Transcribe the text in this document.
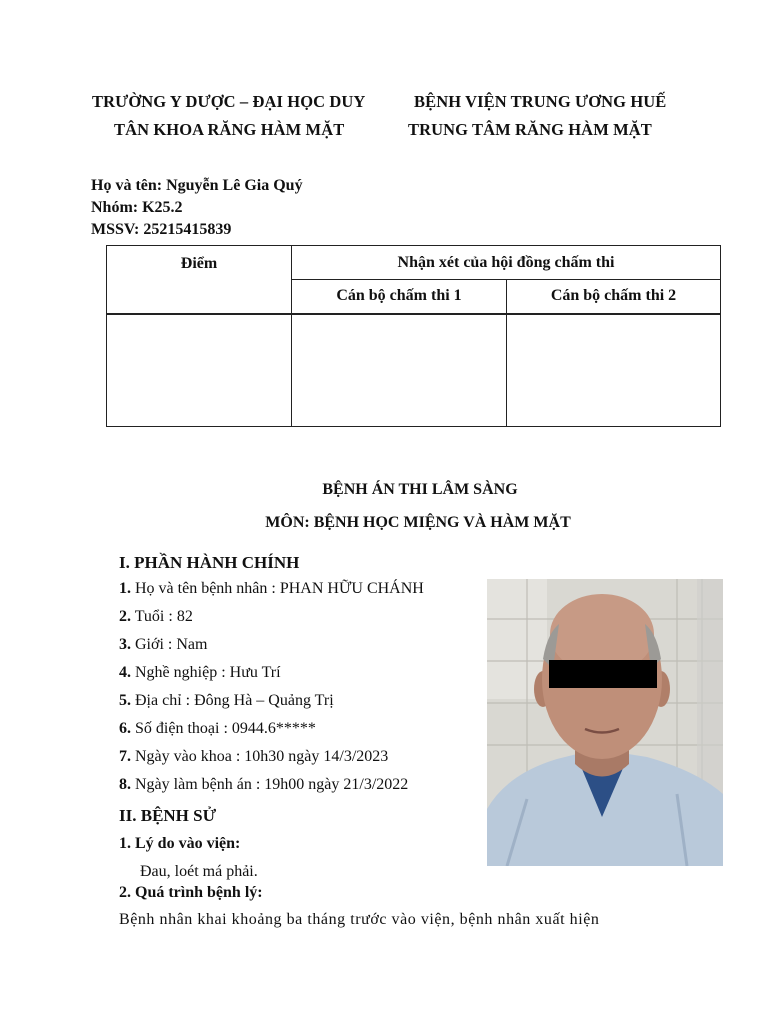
TRƯỜNG Y DƯỢC – ĐẠI HỌC DUY
TÂN KHOA RĂNG HÀM MẶT
BỆNH VIỆN TRUNG ƯƠNG HUẾ
TRUNG TÂM RĂNG HÀM MẶT
Họ và tên: Nguyễn Lê Gia Quý
Nhóm: K25.2
MSSV: 25215415839
Điểm	Nhận xét của hội đồng chấm thi	
	Cán bộ chấm thi 1	Cán bộ chấm thi 2

BỆNH ÁN THI LÂM SÀNG
MÔN: BỆNH HỌC MIỆNG VÀ HÀM MẶT
I. PHẦN HÀNH CHÍNH
1. Họ và tên bệnh nhân : PHAN HỮU CHÁNH
2. Tuổi : 82
3. Giới : Nam
4. Nghề nghiệp : Hưu Trí
5. Địa chỉ : Đông Hà – Quảng Trị
6. Số điện thoại : 0944.6*****
7. Ngày vào khoa : 10h30 ngày 14/3/2023
8. Ngày làm bệnh án : 19h00 ngày 21/3/2022
II. BỆNH SỬ
1. Lý do vào viện:
Đau, loét má phải.
2. Quá trình bệnh lý:
Bệnh nhân khai khoảng ba tháng trước vào viện, bệnh nhân xuất hiện
